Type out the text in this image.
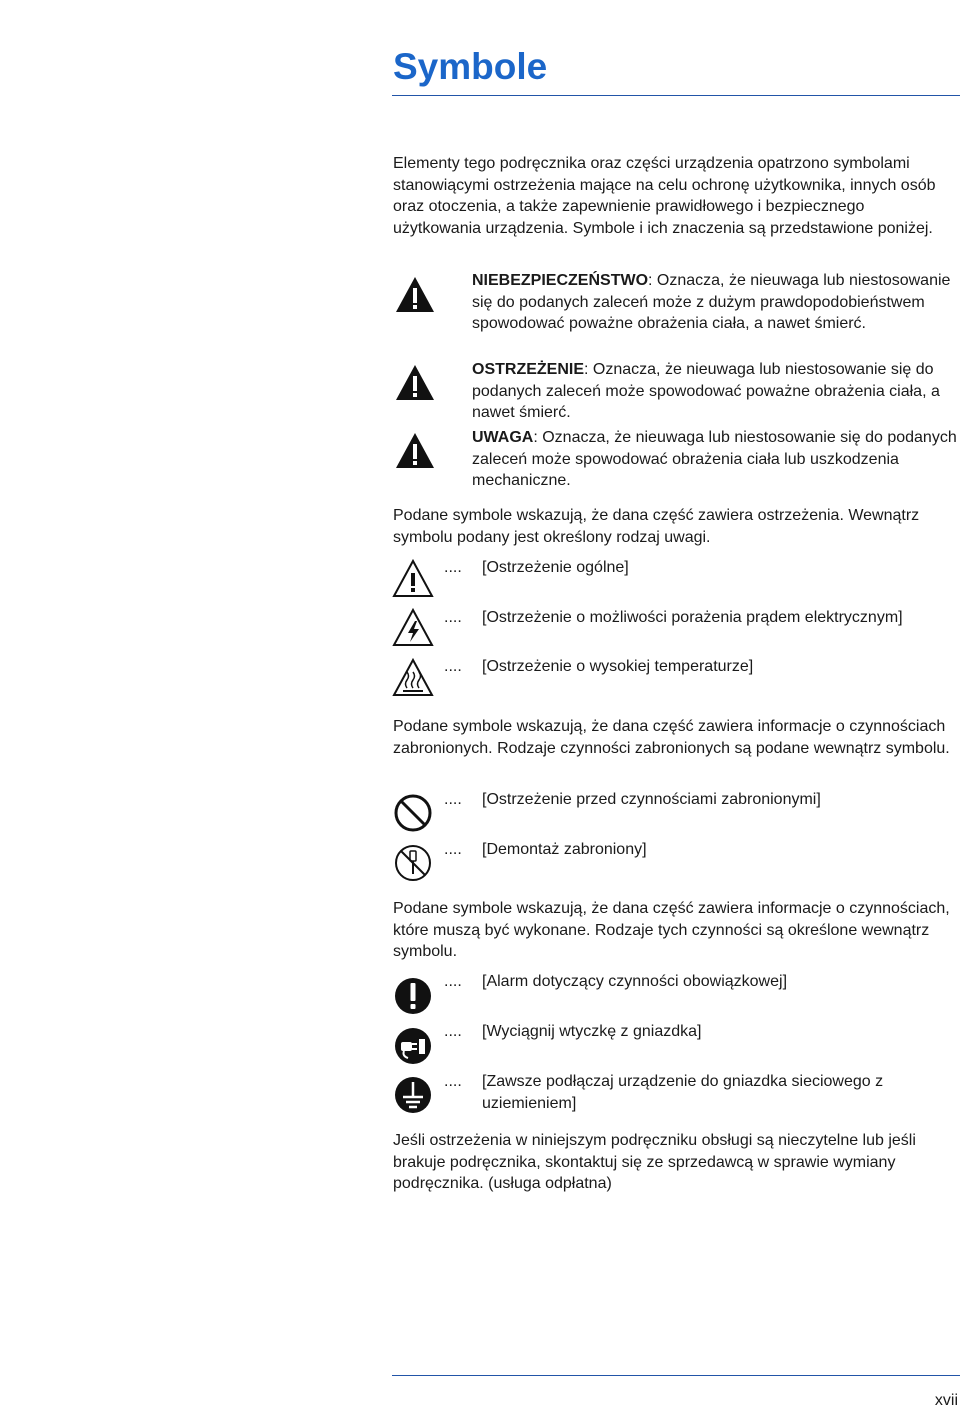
Symbole

Elementy tego podręcznika oraz części urządzenia opatrzono symbolami stanowiącymi ostrzeżenia mające na celu ochronę użytkownika, innych osób oraz otoczenia, a także zapewnienie prawidłowego i bezpiecznego użytkowania urządzenia. Symbole i ich znaczenia są przedstawione poniżej.

NIEBEZPIECZEŃSTWO: Oznacza, że nieuwaga lub niestosowanie się do podanych zaleceń może z dużym prawdopodobieństwem spowodować poważne obrażenia ciała, a nawet śmierć.

OSTRZEŻENIE: Oznacza, że nieuwaga lub niestosowanie się do podanych zaleceń może spowodować poważne obrażenia ciała, a nawet śmierć.

UWAGA: Oznacza, że nieuwaga lub niestosowanie się do podanych zaleceń może spowodować obrażenia ciała lub uszkodzenia mechaniczne.

Podane symbole wskazują, że dana część zawiera ostrzeżenia. Wewnątrz symbolu podany jest określony rodzaj uwagi.

.... [Ostrzeżenie ogólne]
.... [Ostrzeżenie o możliwości porażenia prądem elektrycznym]
.... [Ostrzeżenie o wysokiej temperaturze]

Podane symbole wskazują, że dana część zawiera informacje o czynnościach zabronionych. Rodzaje czynności zabronionych są podane wewnątrz symbolu.

.... [Ostrzeżenie przed czynnościami zabronionymi]
.... [Demontaż zabroniony]

Podane symbole wskazują, że dana część zawiera informacje o czynnościach, które muszą być wykonane. Rodzaje tych czynności są określone wewnątrz symbolu.

.... [Alarm dotyczący czynności obowiązkowej]
.... [Wyciągnij wtyczkę z gniazdka]
.... [Zawsze podłączaj urządzenie do gniazdka sieciowego z uziemieniem]

Jeśli ostrzeżenia w niniejszym podręczniku obsługi są nieczytelne lub jeśli brakuje podręcznika, skontaktuj się ze sprzedawcą w sprawie wymiany podręcznika. (usługa odpłatna)

xvii
